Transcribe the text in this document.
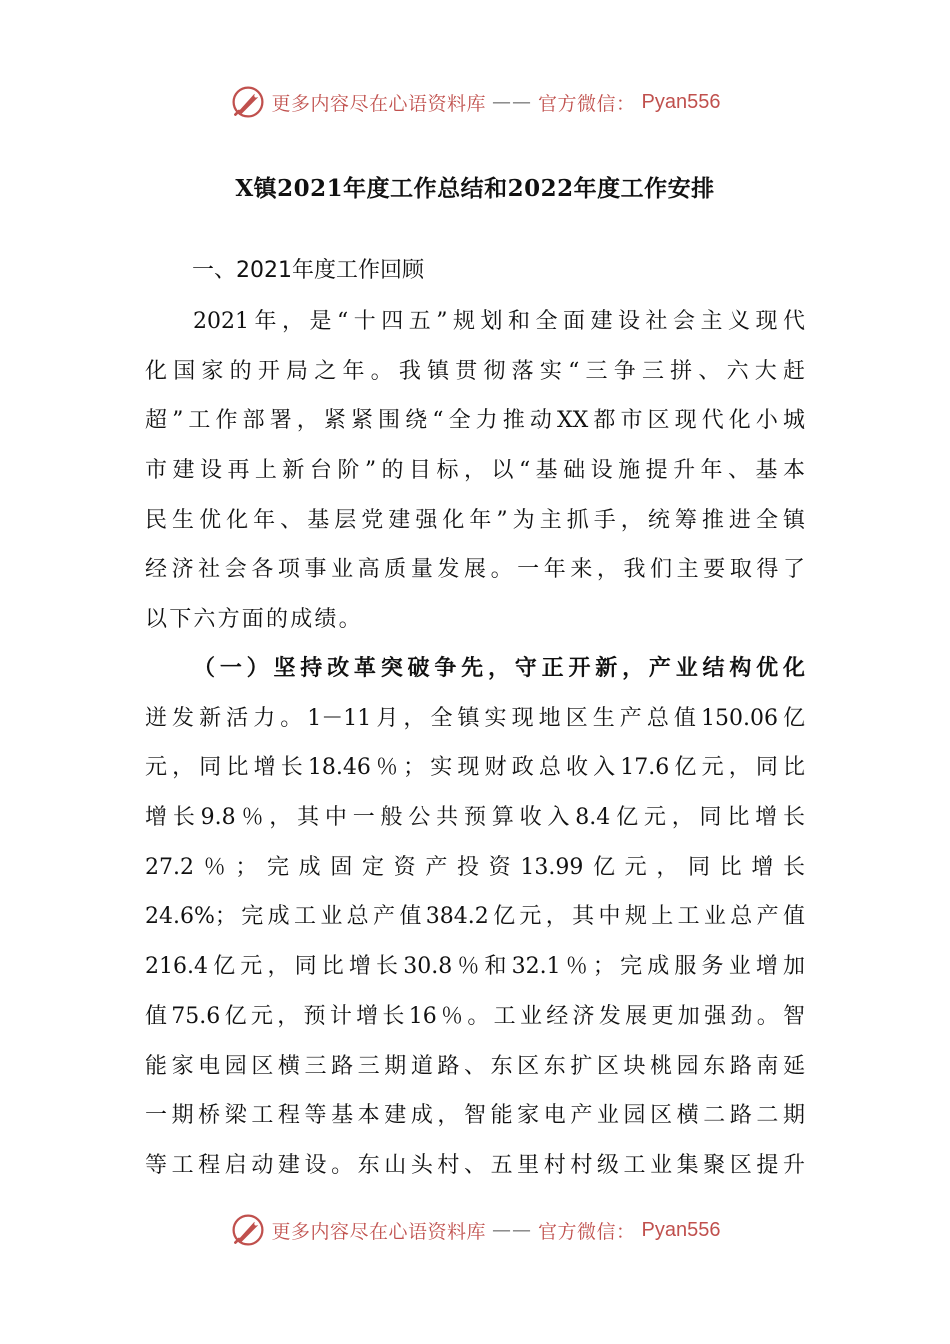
更多内容尽在心语资料库 —— 官方微信： Pyan556
X镇2021年度工作总结和2022年度工作安排
一、2021年度工作回顾
2021年，是“十四五”规划和全面建设社会主义现代
化国家的开局之年。我镇贯彻落实“三争三拼、六大赶
超”工作部署，紧紧围绕“全力推动XX都市区现代化小城
市建设再上新台阶”的目标，以“基础设施提升年、基本
民生优化年、基层党建强化年”为主抓手，统筹推进全镇
经济社会各项事业高质量发展。一年来，我们主要取得了
以下六方面的成绩。
（一）坚持改革突破争先，守正开新，产业结构优化
迸发新活力。1－11月，全镇实现地区生产总值150.06亿
元，同比增长18.46％；实现财政总收入17.6亿元，同比
增长9.8％，其中一般公共预算收入8.4亿元，同比增长
27.2％；完成固定资产投资13.99亿元，同比增长
24.6%；完成工业总产值384.2亿元，其中规上工业总产值
216.4亿元，同比增长30.8％和32.1％；完成服务业增加
值75.6亿元，预计增长16％。工业经济发展更加强劲。智
能家电园区横三路三期道路、东区东扩区块桃园东路南延
一期桥梁工程等基本建成，智能家电产业园区横二路二期
等工程启动建设。东山头村、五里村村级工业集聚区提升
更多内容尽在心语资料库 —— 官方微信： Pyan556
